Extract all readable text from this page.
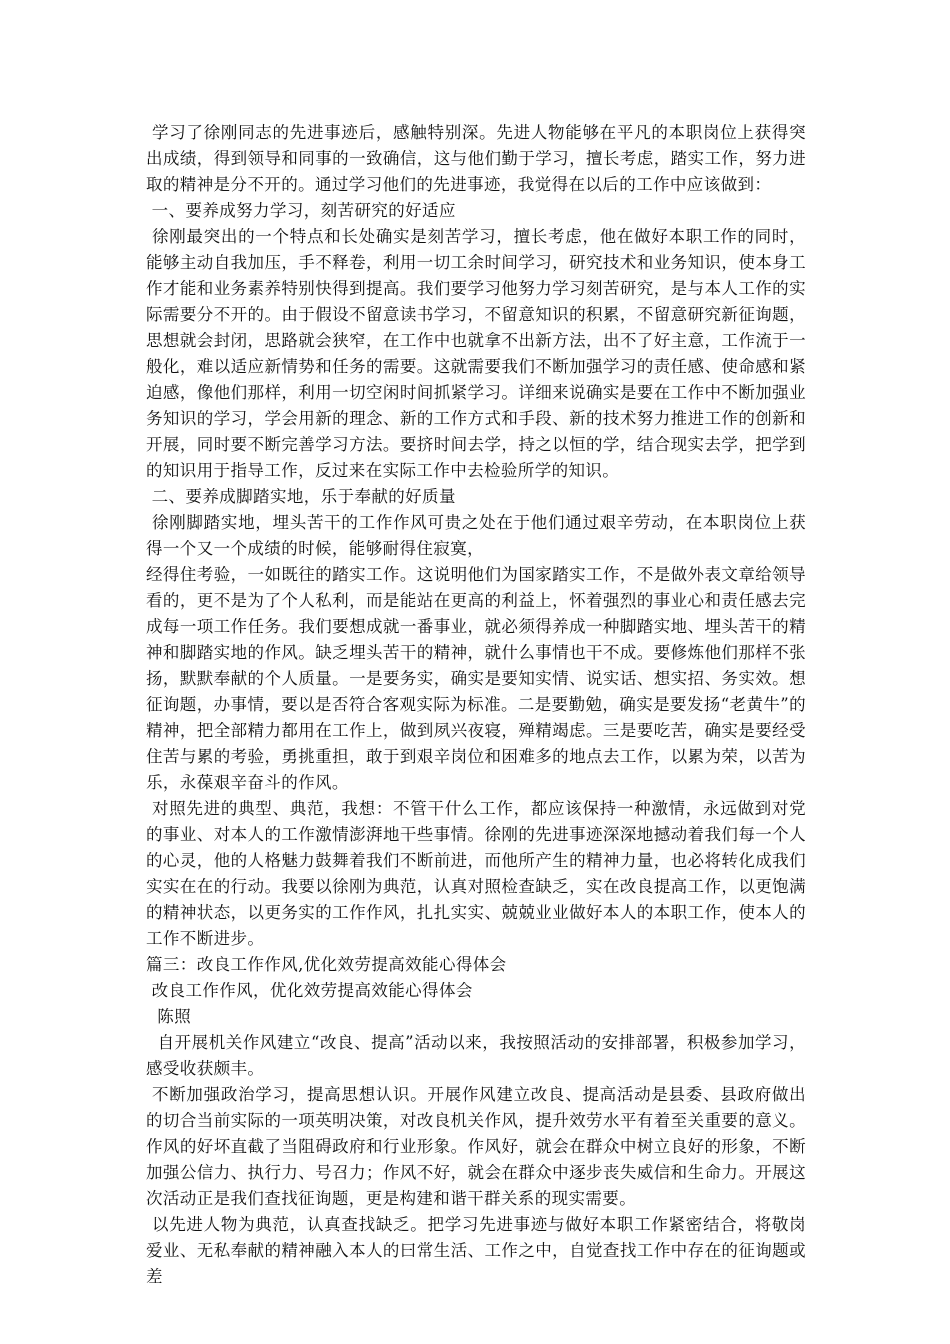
学习了徐刚同志的先进事迹后，感触特别深。先进人物能够在平凡的本职岗位上获得突出成绩，得到领导和同事的一致确信，这与他们勤于学习，擅长考虑，踏实工作，努力进取的精神是分不开的。通过学习他们的先进事迹，我觉得在以后的工作中应该做到：

一、要养成努力学习，刻苦研究的好适应

徐刚最突出的一个特点和长处确实是刻苦学习，擅长考虑，他在做好本职工作的同时，能够主动自我加压，手不释卷，利用一切工余时间学习，研究技术和业务知识，使本身工作才能和业务素养特别快得到提高。我们要学习他努力学习刻苦研究，是与本人工作的实际需要分不开的。由于假设不留意读书学习，不留意知识的积累，不留意研究新征询题，思想就会封闭，思路就会狭窄，在工作中也就拿不出新方法，出不了好主意，工作流于一般化，难以适应新情势和任务的需要。这就需要我们不断加强学习的责任感、使命感和紧迫感，像他们那样，利用一切空闲时间抓紧学习。详细来说确实是要在工作中不断加强业务知识的学习，学会用新的理念、新的工作方式和手段、新的技术努力推进工作的创新和开展，同时要不断完善学习方法。要挤时间去学，持之以恒的学，结合现实去学，把学到的知识用于指导工作，反过来在实际工作中去检验所学的知识。

二、要养成脚踏实地，乐于奉献的好质量

徐刚脚踏实地，埋头苦干的工作作风可贵之处在于他们通过艰辛劳动，在本职岗位上获得一个又一个成绩的时候，能够耐得住寂寞，

经得住考验，一如既往的踏实工作。这说明他们为国家踏实工作，不是做外表文章给领导看的，更不是为了个人私利，而是能站在更高的利益上，怀着强烈的事业心和责任感去完成每一项工作任务。我们要想成就一番事业，就必须得养成一种脚踏实地、埋头苦干的精神和脚踏实地的作风。缺乏埋头苦干的精神，就什么事情也干不成。要修炼他们那样不张扬，默默奉献的个人质量。一是要务实，确实是要知实情、说实话、想实招、务实效。想征询题，办事情，要以是否符合客观实际为标准。二是要勤勉，确实是要发扬“老黄牛”的精神，把全部精力都用在工作上，做到夙兴夜寝，殚精竭虑。三是要吃苦，确实是要经受住苦与累的考验，勇挑重担，敢于到艰辛岗位和困难多的地点去工作，以累为荣，以苦为乐，永葆艰辛奋斗的作风。

对照先进的典型、典范，我想：不管干什么工作，都应该保持一种激情，永远做到对党的事业、对本人的工作激情澎湃地干些事情。徐刚的先进事迹深深地撼动着我们每一个人的心灵，他的人格魅力鼓舞着我们不断前进，而他所产生的精神力量，也必将转化成我们实实在在的行动。我要以徐刚为典范，认真对照检查缺乏，实在改良提高工作，以更饱满的精神状态，以更务实的工作作风，扎扎实实、兢兢业业做好本人的本职工作，使本人的工作不断进步。

篇三：改良工作作风,优化效劳提高效能心得体会

改良工作作风，优化效劳提高效能心得体会

陈照

自开展机关作风建立“改良、提高”活动以来，我按照活动的安排部署，积极参加学习，感受收获颇丰。

不断加强政治学习，提高思想认识。开展作风建立改良、提高活动是县委、县政府做出的切合当前实际的一项英明决策，对改良机关作风，提升效劳水平有着至关重要的意义。作风的好坏直截了当阻碍政府和行业形象。作风好，就会在群众中树立良好的形象，不断加强公信力、执行力、号召力；作风不好，就会在群众中逐步丧失威信和生命力。开展这次活动正是我们查找征询题，更是构建和谐干群关系的现实需要。

以先进人物为典范，认真查找缺乏。把学习先进事迹与做好本职工作紧密结合，将敬岗爱业、无私奉献的精神融入本人的曰常生活、工作之中，自觉查找工作中存在的征询题或差
